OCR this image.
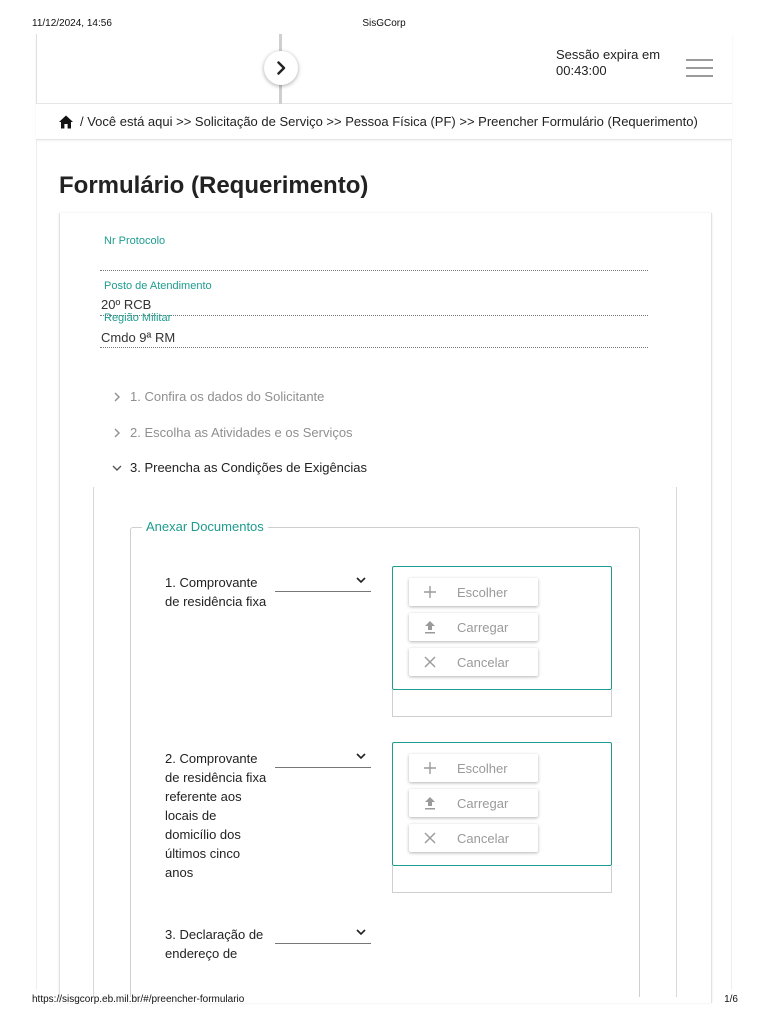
11/12/2024, 14:56	SisGCorp
Sessão expira em
00:43:00
/ Você está aqui >> Solicitação de Serviço >> Pessoa Física (PF) >> Preencher Formulário (Requerimento)
Formulário (Requerimento)
Nr Protocolo
Posto de Atendimento
20º RCB
Região Militar
Cmdo 9ª RM
1. Confira os dados do Solicitante
2. Escolha as Atividades e os Serviços
3. Preencha as Condições de Exigências
Anexar Documentos
1. Comprovante de residência fixa
Escolher
Carregar
Cancelar
2. Comprovante de residência fixa referente aos locais de domicílio dos últimos cinco anos
Escolher
Carregar
Cancelar
3. Declaração de endereço de
https://sisgcorp.eb.mil.br/#/preencher-formulario	1/6
